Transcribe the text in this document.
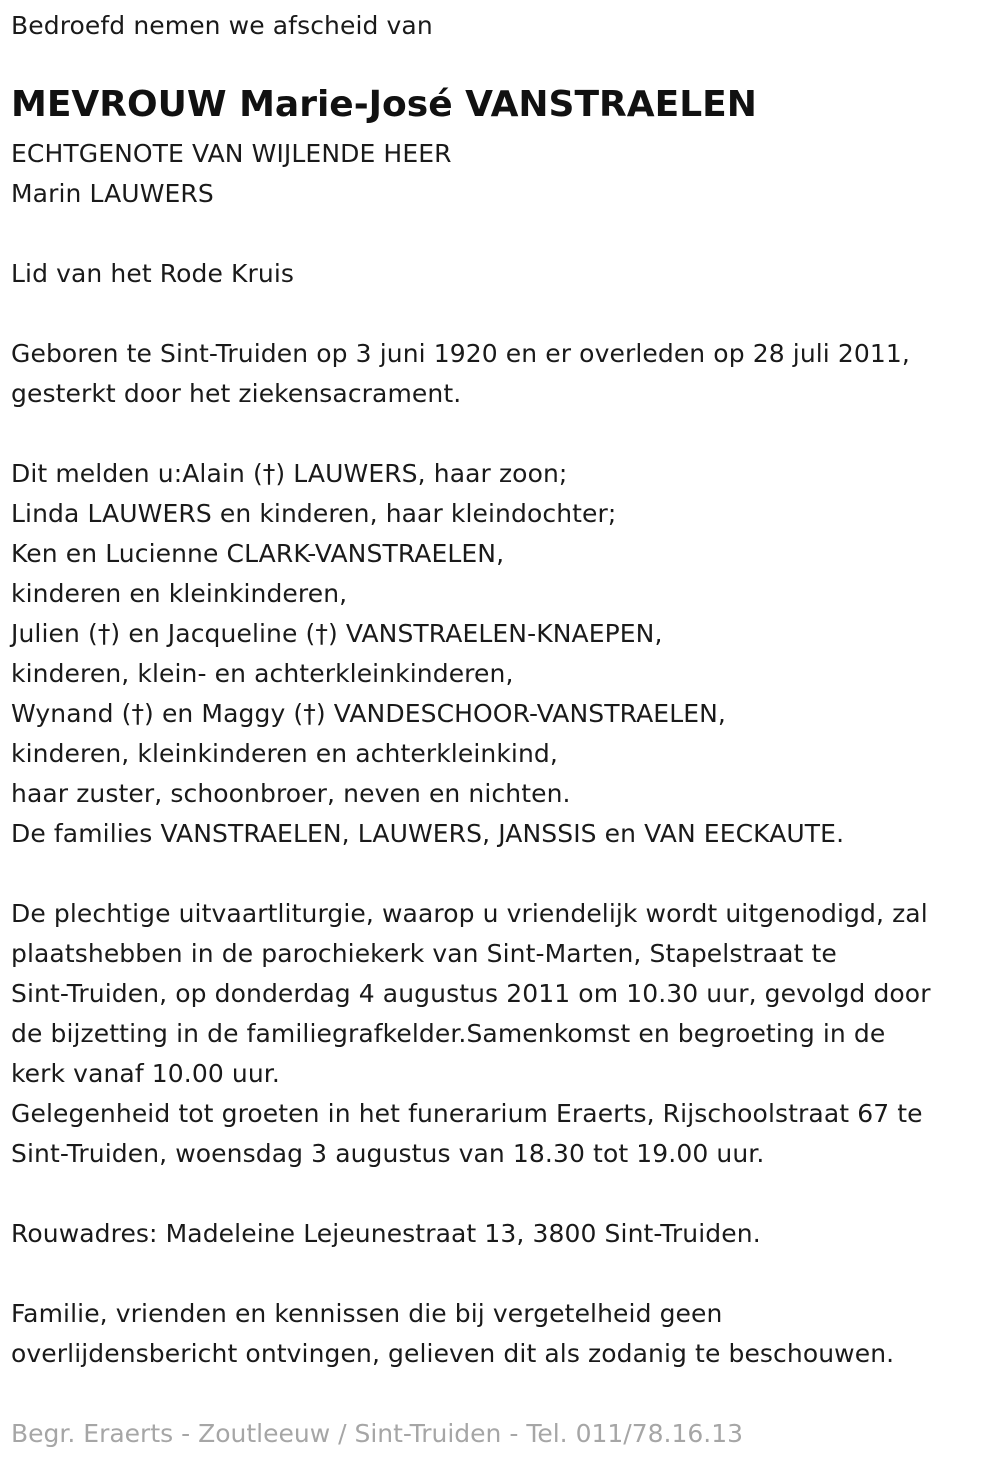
Bedroefd nemen we afscheid van
MEVROUW Marie-José VANSTRAELEN
ECHTGENOTE VAN WIJLENDE HEER
Marin LAUWERS
Lid van het Rode Kruis
Geboren te Sint-Truiden op 3 juni 1920 en er overleden op 28 juli 2011,
gesterkt door het ziekensacrament.
Dit melden u:Alain (†) LAUWERS, haar zoon;
Linda LAUWERS en kinderen, haar kleindochter;
Ken en Lucienne CLARK-VANSTRAELEN,
kinderen en kleinkinderen,
Julien (†) en Jacqueline (†) VANSTRAELEN-KNAEPEN,
kinderen, klein- en achterkleinkinderen,
Wynand (†) en Maggy (†) VANDESCHOOR-VANSTRAELEN,
kinderen, kleinkinderen en achterkleinkind,
haar zuster, schoonbroer, neven en nichten.
De families VANSTRAELEN, LAUWERS, JANSSIS en VAN EECKAUTE.
De plechtige uitvaartliturgie, waarop u vriendelijk wordt uitgenodigd, zal
plaatshebben in de parochiekerk van Sint-Marten, Stapelstraat te
Sint-Truiden, op donderdag 4 augustus 2011 om 10.30 uur, gevolgd door
de bijzetting in de familiegrafkelder.Samenkomst en begroeting in de
kerk vanaf 10.00 uur.
Gelegenheid tot groeten in het funerarium Eraerts, Rijschoolstraat 67 te
Sint-Truiden, woensdag 3 augustus van 18.30 tot 19.00 uur.
Rouwadres: Madeleine Lejeunestraat 13, 3800 Sint-Truiden.
Familie, vrienden en kennissen die bij vergetelheid geen
overlijdensbericht ontvingen, gelieven dit als zodanig te beschouwen.
Begr. Eraerts - Zoutleeuw / Sint-Truiden - Tel. 011/78.16.13
